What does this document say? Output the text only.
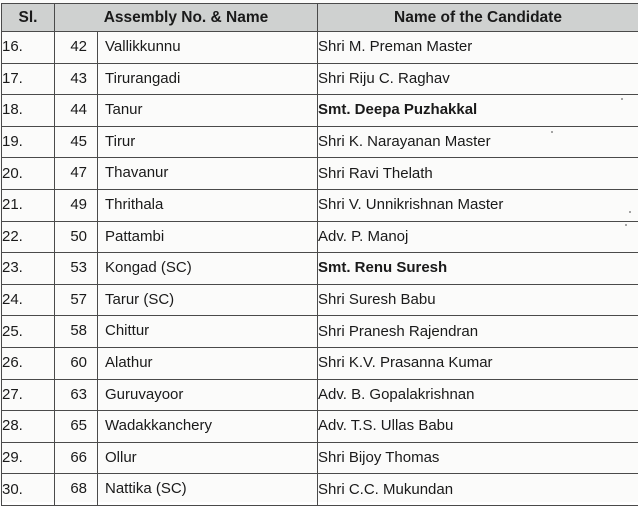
Sl.	Assembly No. & Name	Name of the Candidate
16.	42 Vallikkunnu	Shri M. Preman Master
17.	43 Tirurangadi	Shri Riju C. Raghav
18.	44 Tanur	Smt. Deepa Puzhakkal
19.	45 Tirur	Shri K. Narayanan Master
20.	47 Thavanur	Shri Ravi Thelath
21.	49 Thrithala	Shri V. Unnikrishnan Master
22.	50 Pattambi	Adv. P. Manoj
23.	53 Kongad (SC)	Smt. Renu Suresh
24.	57 Tarur (SC)	Shri Suresh Babu
25.	58 Chittur	Shri Pranesh Rajendran
26.	60 Alathur	Shri K.V. Prasanna Kumar
27.	63 Guruvayoor	Adv. B. Gopalakrishnan
28.	65 Wadakkanchery	Adv. T.S. Ullas Babu
29.	66 Ollur	Shri Bijoy Thomas
30.	68 Nattika (SC)	Shri C.C. Mukundan
